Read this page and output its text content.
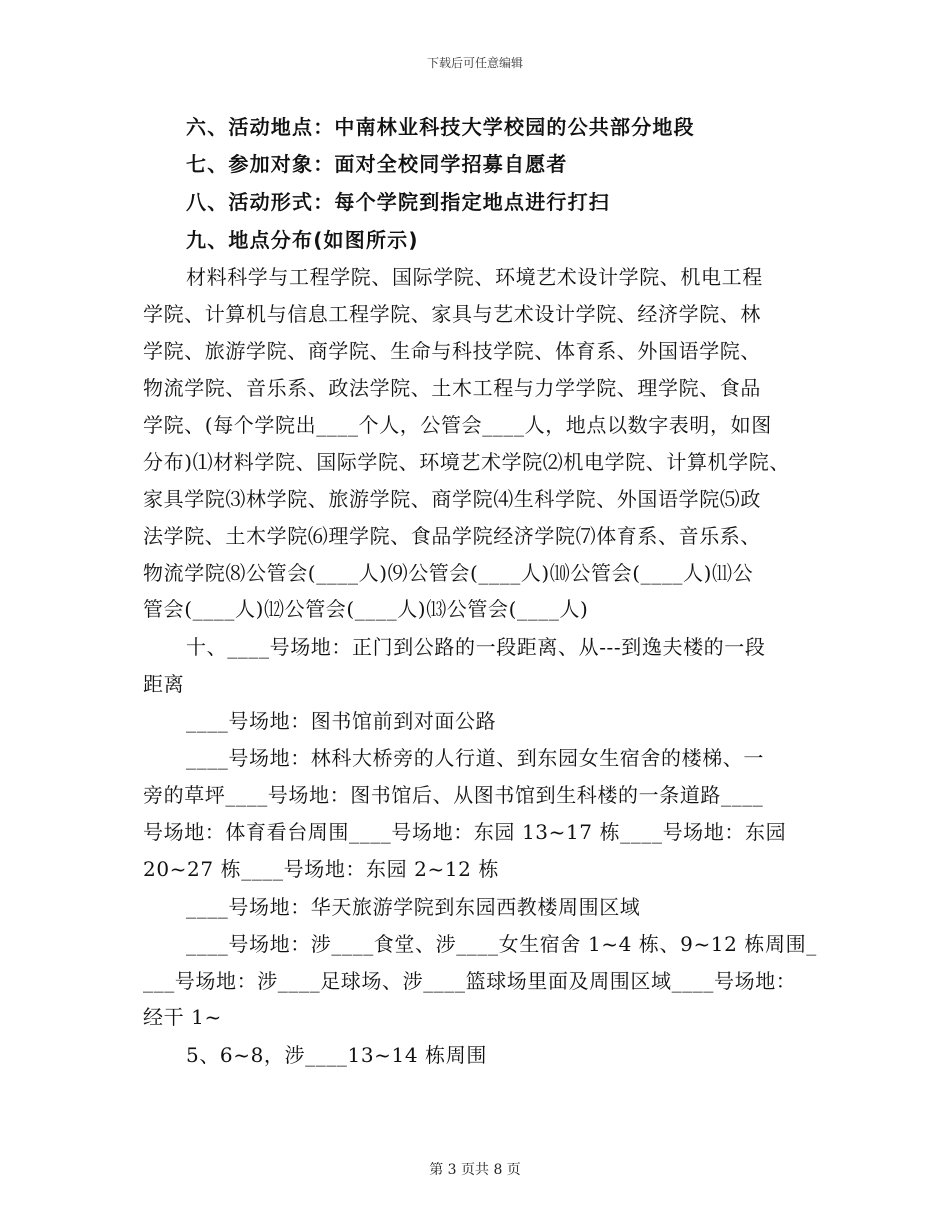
下载后可任意编辑
六、活动地点：中南林业科技大学校园的公共部分地段
七、参加对象：面对全校同学招募自愿者
八、活动形式：每个学院到指定地点进行打扫
九、地点分布(如图所示)
材料科学与工程学院、国际学院、环境艺术设计学院、机电工程
学院、计算机与信息工程学院、家具与艺术设计学院、经济学院、林
学院、旅游学院、商学院、生命与科技学院、体育系、外国语学院、
物流学院、音乐系、政法学院、土木工程与力学学院、理学院、食品
学院、(每个学院出____个人，公管会____人，地点以数字表明，如图
分布)⑴材料学院、国际学院、环境艺术学院⑵机电学院、计算机学院、
家具学院⑶林学院、旅游学院、商学院⑷生科学院、外国语学院⑸政
法学院、土木学院⑹理学院、食品学院经济学院⑺体育系、音乐系、
物流学院⑻公管会(____人)⑼公管会(____人)⑽公管会(____人)⑾公
管会(____人)⑿公管会(____人)⒀公管会(____人)
十、____号场地：正门到公路的一段距离、从---到逸夫楼的一段
距离
____号场地：图书馆前到对面公路
____号场地：林科大桥旁的人行道、到东园女生宿舍的楼梯、一
旁的草坪____号场地：图书馆后、从图书馆到生科楼的一条道路____
号场地：体育看台周围____号场地：东园 13~17 栋____号场地：东园
20~27 栋____号场地：东园 2~12 栋
____号场地：华天旅游学院到东园西教楼周围区域
____号场地：涉____食堂、涉____女生宿舍 1~4 栋、9~12 栋周围_
___号场地：涉____足球场、涉____篮球场里面及周围区域____号场地：
经干 1~
5、6~8，涉____13~14 栋周围
第 3 页共 8 页
